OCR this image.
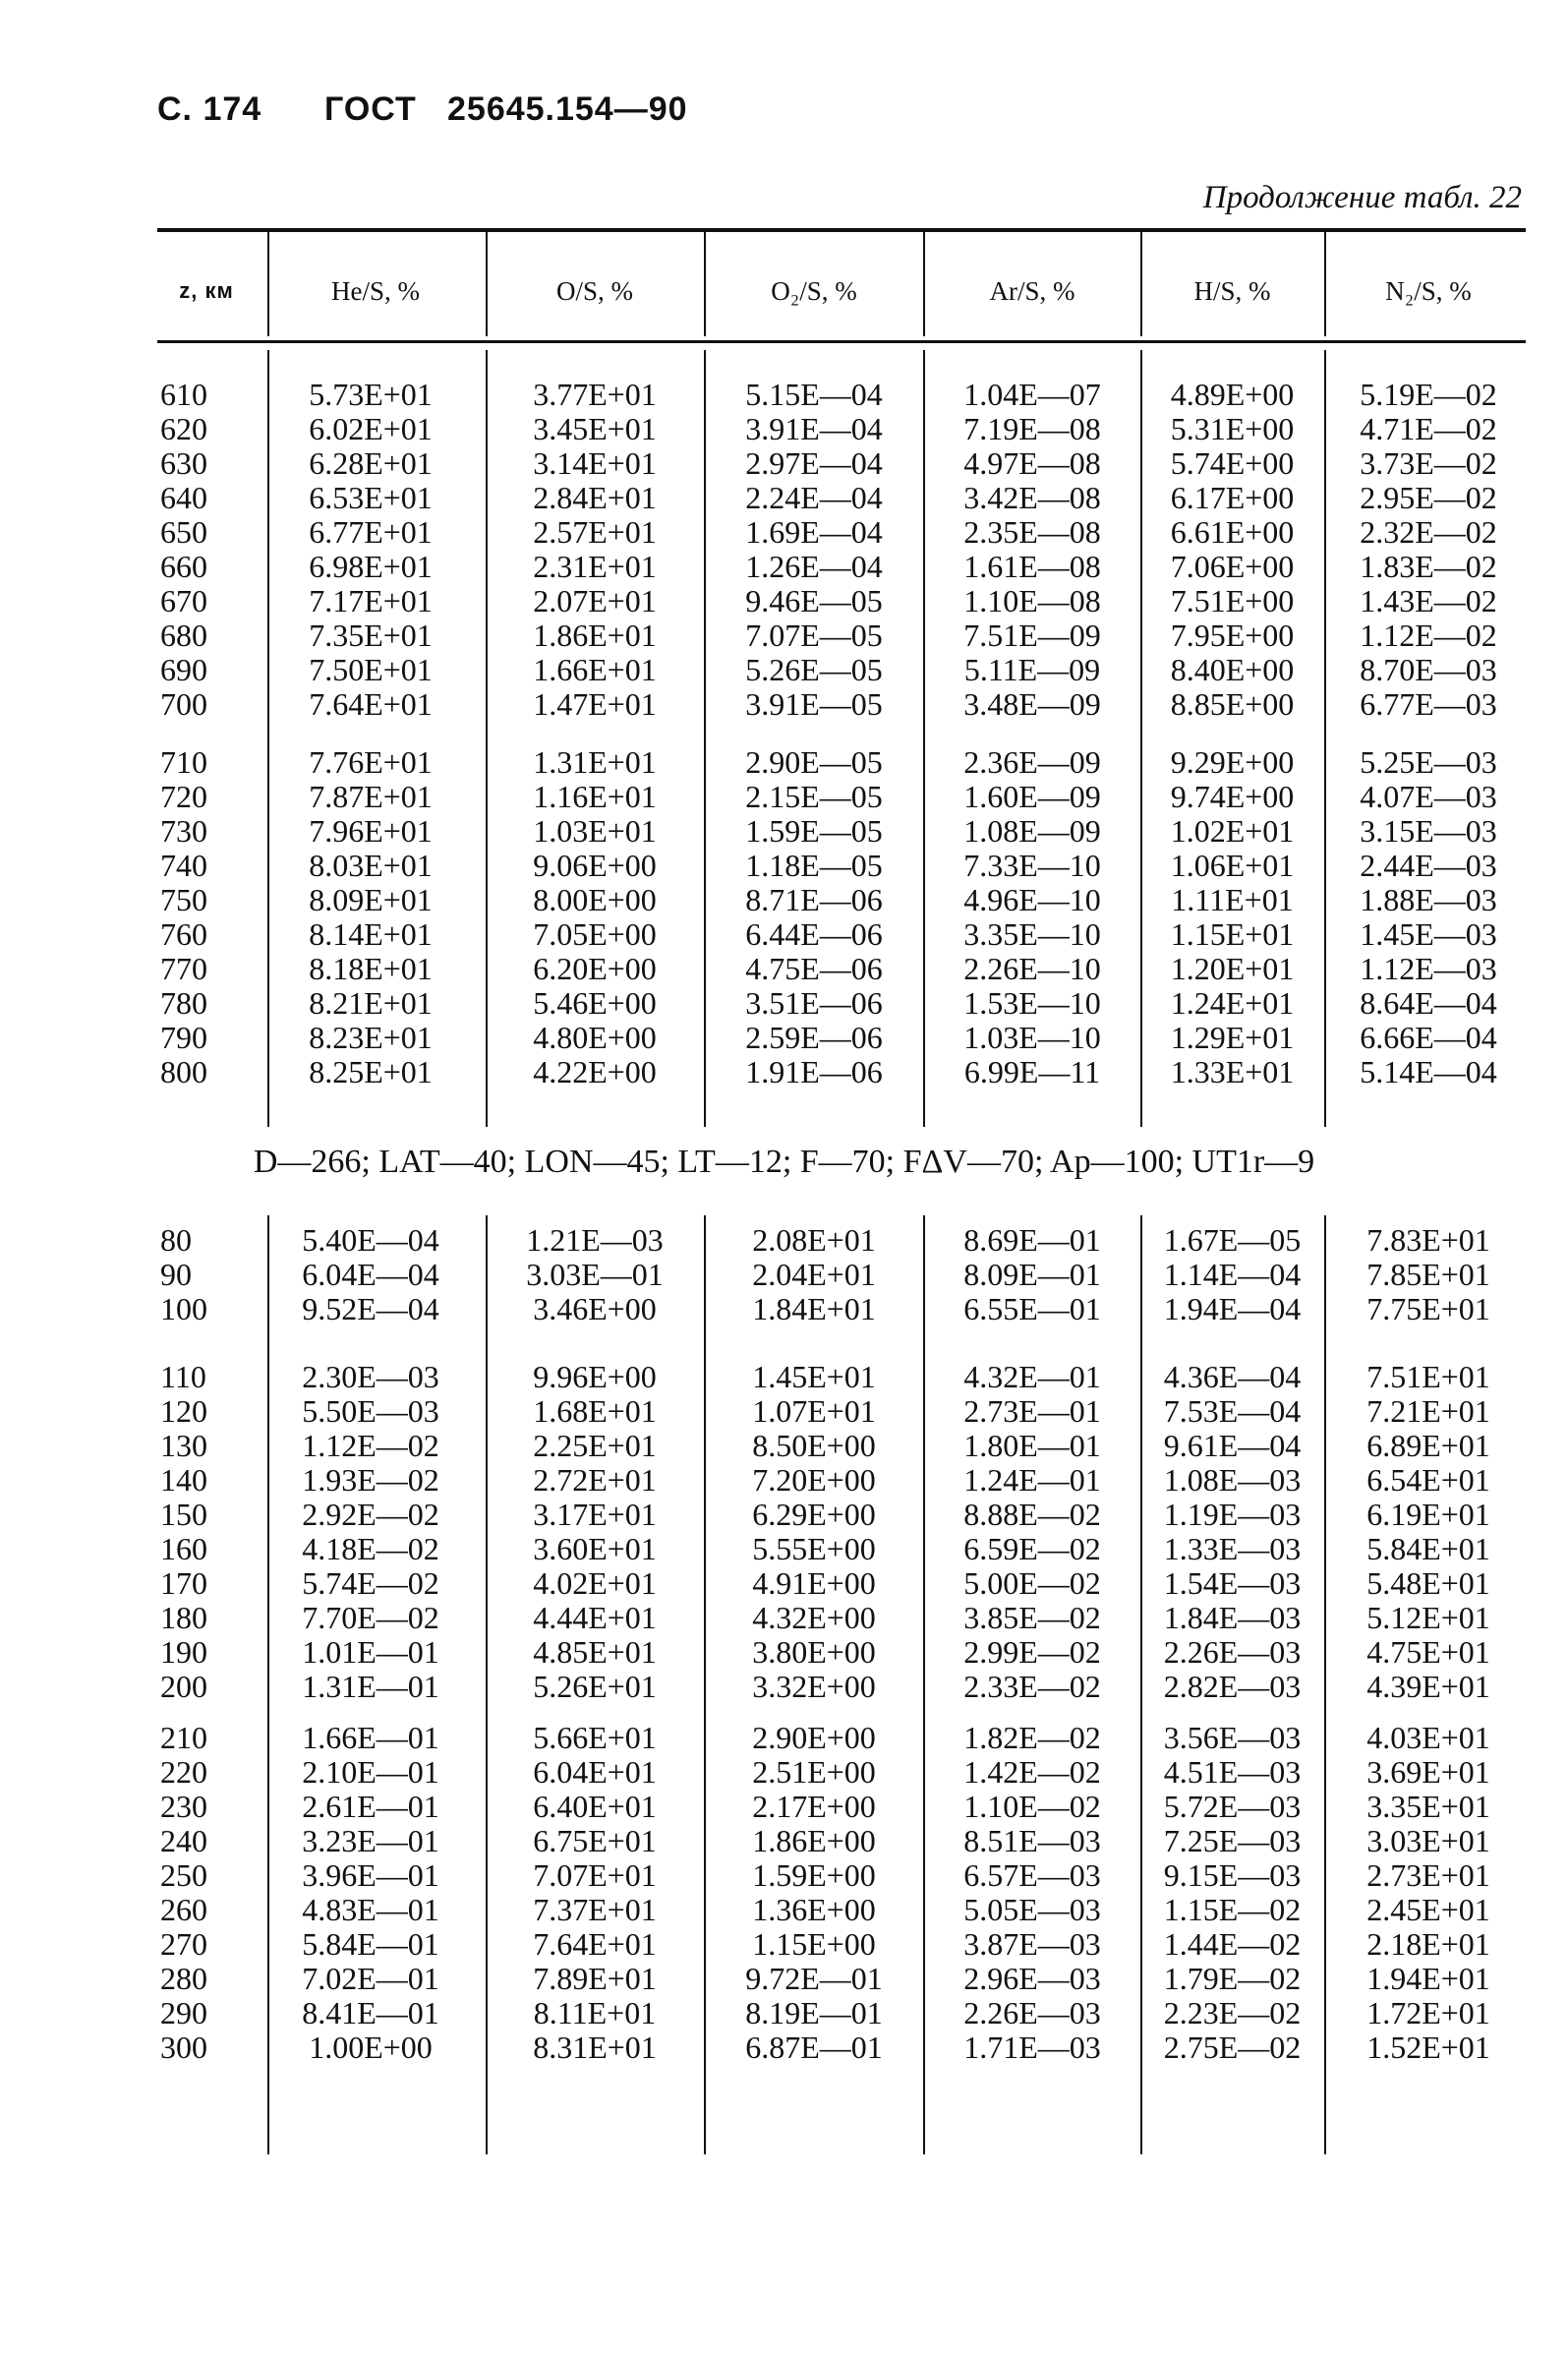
С. 174 ГОСТ 25645.154—90
Продолжение табл. 22
z, км	He/S, %	O/S, %	O₂/S, %	Ar/S, %	H/S, %	N₂/S, %
610	5.73E+01	3.77E+01	5.15E—04	1.04E—07	4.89E+00	5.19E—02
620	6.02E+01	3.45E+01	3.91E—04	7.19E—08	5.31E+00	4.71E—02
630	6.28E+01	3.14E+01	2.97E—04	4.97E—08	5.74E+00	3.73E—02
640	6.53E+01	2.84E+01	2.24E—04	3.42E—08	6.17E+00	2.95E—02
650	6.77E+01	2.57E+01	1.69E—04	2.35E—08	6.61E+00	2.32E—02
660	6.98E+01	2.31E+01	1.26E—04	1.61E—08	7.06E+00	1.83E—02
670	7.17E+01	2.07E+01	9.46E—05	1.10E—08	7.51E+00	1.43E—02
680	7.35E+01	1.86E+01	7.07E—05	7.51E—09	7.95E+00	1.12E—02
690	7.50E+01	1.66E+01	5.26E—05	5.11E—09	8.40E+00	8.70E—03
700	7.64E+01	1.47E+01	3.91E—05	3.48E—09	8.85E+00	6.77E—03
710	7.76E+01	1.31E+01	2.90E—05	2.36E—09	9.29E+00	5.25E—03
720	7.87E+01	1.16E+01	2.15E—05	1.60E—09	9.74E+00	4.07E—03
730	7.96E+01	1.03E+01	1.59E—05	1.08E—09	1.02E+01	3.15E—03
740	8.03E+01	9.06E+00	1.18E—05	7.33E—10	1.06E+01	2.44E—03
750	8.09E+01	8.00E+00	8.71E—06	4.96E—10	1.11E+01	1.88E—03
760	8.14E+01	7.05E+00	6.44E—06	3.35E—10	1.15E+01	1.45E—03
770	8.18E+01	6.20E+00	4.75E—06	2.26E—10	1.20E+01	1.12E—03
780	8.21E+01	5.46E+00	3.51E—06	1.53E—10	1.24E+01	8.64E—04
790	8.23E+01	4.80E+00	2.59E—06	1.03E—10	1.29E+01	6.66E—04
800	8.25E+01	4.22E+00	1.91E—06	6.99E—11	1.33E+01	5.14E—04
D—266; LAT—40; LON—45; LT—12; F—70; FΔV—70; Ap—100; UT1r—9
80	5.40E—04	1.21E—03	2.08E+01	8.69E—01	1.67E—05	7.83E+01
90	6.04E—04	3.03E—01	2.04E+01	8.09E—01	1.14E—04	7.85E+01
100	9.52E—04	3.46E+00	1.84E+01	6.55E—01	1.94E—04	7.75E+01
110	2.30E—03	9.96E+00	1.45E+01	4.32E—01	4.36E—04	7.51E+01
120	5.50E—03	1.68E+01	1.07E+01	2.73E—01	7.53E—04	7.21E+01
130	1.12E—02	2.25E+01	8.50E+00	1.80E—01	9.61E—04	6.89E+01
140	1.93E—02	2.72E+01	7.20E+00	1.24E—01	1.08E—03	6.54E+01
150	2.92E—02	3.17E+01	6.29E+00	8.88E—02	1.19E—03	6.19E+01
160	4.18E—02	3.60E+01	5.55E+00	6.59E—02	1.33E—03	5.84E+01
170	5.74E—02	4.02E+01	4.91E+00	5.00E—02	1.54E—03	5.48E+01
180	7.70E—02	4.44E+01	4.32E+00	3.85E—02	1.84E—03	5.12E+01
190	1.01E—01	4.85E+01	3.80E+00	2.99E—02	2.26E—03	4.75E+01
200	1.31E—01	5.26E+01	3.32E+00	2.33E—02	2.82E—03	4.39E+01
210	1.66E—01	5.66E+01	2.90E+00	1.82E—02	3.56E—03	4.03E+01
220	2.10E—01	6.04E+01	2.51E+00	1.42E—02	4.51E—03	3.69E+01
230	2.61E—01	6.40E+01	2.17E+00	1.10E—02	5.72E—03	3.35E+01
240	3.23E—01	6.75E+01	1.86E+00	8.51E—03	7.25E—03	3.03E+01
250	3.96E—01	7.07E+01	1.59E+00	6.57E—03	9.15E—03	2.73E+01
260	4.83E—01	7.37E+01	1.36E+00	5.05E—03	1.15E—02	2.45E+01
270	5.84E—01	7.64E+01	1.15E+00	3.87E—03	1.44E—02	2.18E+01
280	7.02E—01	7.89E+01	9.72E—01	2.96E—03	1.79E—02	1.94E+01
290	8.41E—01	8.11E+01	8.19E—01	2.26E—03	2.23E—02	1.72E+01
300	1.00E+00	8.31E+01	6.87E—01	1.71E—03	2.75E—02	1.52E+01
